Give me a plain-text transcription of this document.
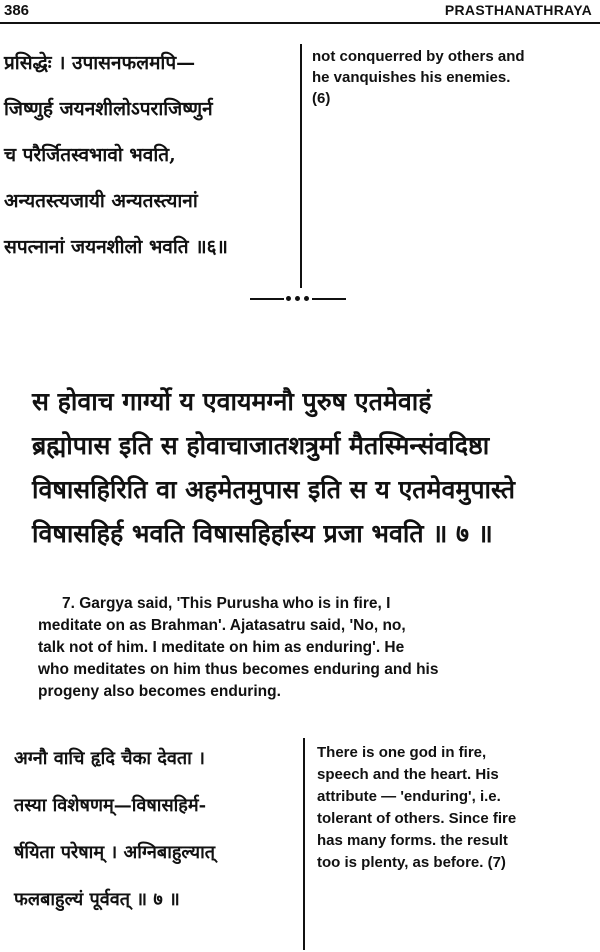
386	PRASTHANATHRAYA
प्रसिद्धेः । उपासनफलमपि—
जिष्णुर्ह जयनशीलोऽपराजिष्णुर्न
च परैर्जितस्वभावो भवति,
अन्यतस्त्यजायी अन्यतस्त्यानां
सपत्नानां जयनशीलो भवति ॥६॥
not conquerred by others and
he vanquishes his enemies.
(6)
स होवाच गार्ग्यो य एवायमग्नौ पुरुष एतमेवाहं
ब्रह्मोपास इति स होवाचाजातशत्रुर्मा मैतस्मिन्संवदिष्ठा
विषासहिरिति वा अहमेतमुपास इति स य एतमेवमुपास्ते
विषासहिर्ह भवति विषासहिर्हास्य प्रजा भवति ॥ ७ ॥
7. Gargya said, 'This Purusha who is in fire, I
meditate on as Brahman'. Ajatasatru said, 'No, no,
talk not of him. I meditate on him as enduring'. He
who meditates on him thus becomes enduring and his
progeny also becomes enduring.
अग्नौ वाचि हृदि चैका देवता ।
तस्या विशेषणम्—विषासहिर्म-
र्षयिता परेषाम् । अग्निबाहुल्यात्
फलबाहुल्यं पूर्ववत् ॥ ७ ॥
There is one god in fire,
speech and the heart. His
attribute — 'enduring', i.e.
tolerant of others. Since fire
has many forms. the result
too is plenty, as before. (7)
